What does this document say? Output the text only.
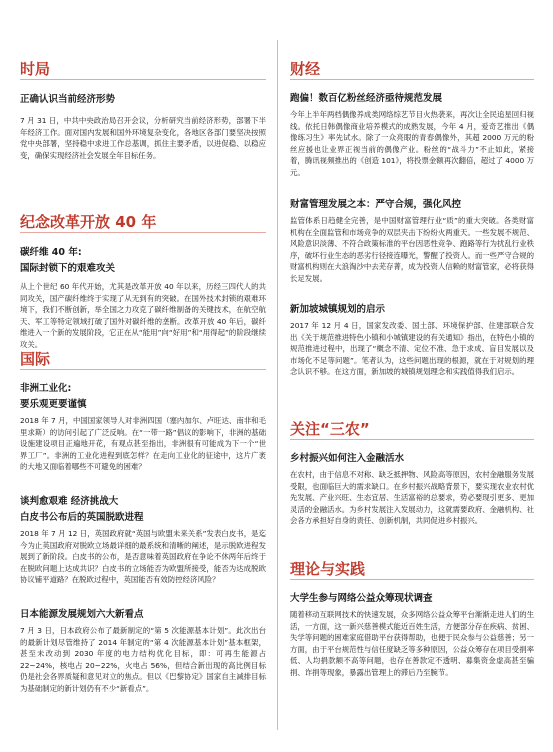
时局

正确认识当前经济形势

7 月 31 日，中共中央政治局召开会议，分析研究当前经济形势，部署下半年经济工作。面对国内发展和国外环境复杂变化，各地区各部门要坚决按照党中央部署，坚持稳中求进工作总基调，抓住主要矛盾，以进促稳、以稳应变，确保实现经济社会发展全年目标任务。

纪念改革开放 40 年

碳纤维 40 年:

国际封锁下的艰难攻关

从上个世纪 60 年代开始，尤其是改革开放 40 年以来，历经三四代人的共同攻关，国产碳纤维终于实现了从无到有的突破。在国外技术封锁的艰难环境下，我们不断创新，举全国之力攻克了碳纤维制备的关键技术，在航空航天、军工等特定领域打破了国外对碳纤维的垄断。改革开放 40 年后，碳纤维进入一个新的发展阶段，它正在从“能用”向“好用”和“用得起”的阶段继续攻关。

国际

非洲工业化:

要乐观更要谨慎

2018 年 7 月，中国国家领导人对非洲四国（塞内加尔、卢旺达、南非和毛里求斯）的访问引起了广泛反响。在“一带一路”倡议的影响下，非洲的基础设施建设项目正遍地开花，有观点甚至指出，非洲很有可能成为下一个“世界工厂”。非洲的工业化进程到底怎样？在走向工业化的征途中，这片广袤的大地又面临着哪些不可避免的困难？

谈判愈艰难 经济挑战大

白皮书公布后的英国脱欧进程

2018 年 7 月 12 日，英国政府就“英国与欧盟未来关系”发表白皮书，是迄今为止英国政府对脱欧立场最详细的最系统和清晰的阐述，是示脱欧进程发展到了新阶段。白皮书的公布，是否意味着英国政府在争论不休两年后终于在脱欧问题上达成共识？白皮书的立场能否为欧盟所接受，能否为达成脱欧协议铺平道路？在脱欧过程中，英国能否有效防控经济风险？

日本能源发展规划六大新看点

7 月 3 日，日本政府公布了最新制定的“第 5 次能源基本计划”。此次出台的最新计划尽管维持了 2014 年制定的“第 4 次能源基本计划”基本框架，甚至未改动到 2030 年度的电力结构优化目标，即：可再生能源占 22~24%，核电占 20~22%，火电占 56%，但结合新出现的高比例目标仍是社会各界质疑和意见对立的焦点。但以《巴黎协定》国家自主减排目标为基础制定的新计划仍有不少“新看点”。

财经

跑偏！数百亿粉丝经济亟待规范发展

今年上半年两档偶像养成类网络综艺节目火热袭来，再次让全民追星回归视线。依托日韩偶像商业培养模式的成熟发展，今年 4 月，爱奇艺推出《偶像练习生》率先试水。除了一众亮眼的青春偶像外，其超 2000 万元的粉丝应援也让业界正视当前的偶像产业。粉丝的“战斗力”不止如此，紧接着，腾讯视频推出的《创造 101》，将投票金额再次翻倍，超过了 4000 万元。

财富管理发展之本：严守合规，强化风控

监管体系日趋健全完善，是中国财富管理行业“质”的重大突破。各类财富机构在全面监管和市场竞争的双层夹击下纷纷火两重天。一些发展不规范、风险意识淡薄、不符合政策标准的平台因恶性竞争、跑路等行为扰乱行业秩序，破坏行业生态的恶劣行径接连曝光，警醒了投资人。而一些严守合规的财富机构则在大浪淘沙中去芜存菁，成为投资人信赖的财富管家，必将获得长足发展。

新加坡城镇规划的启示

2017 年 12 月 4 日，国家发改委、国土部、环境保护部、住建部联合发出《关于规范推进特色小镇和小城镇建设的有关通知》指出，在特色小镇的规范推进过程中，出现了“概念不清、定位不准、急于求成、盲目发展以及市场化不足等问题”。笔者认为，这些问题出现的根源，就在于对规划的理念认识不够。在这方面，新加坡的城镇规划理念和实践值得我们启示。

关注“三农”

乡村振兴如何注入金融活水

在农村，由于信息不对称、缺乏抵押物、风险高等原因，农村金融服务发展受限，也面临巨大的需求缺口。在乡村振兴战略背景下，要实现农业农村优先发展、产业兴旺、生态宜居、生活富裕的总要求，势必要现引更多、更加灵活的金融活水。为乡村发展注入发展动力，这就需要政府、金融机构、社会各方承担好自身的责任、创新机制，共同促进乡村振兴。

理论与实践

大学生参与网络公益众筹现状调查

随着移动互联网技术的快速发展，众多网络公益众筹平台渐渐走进人们的生活，一方面，这一新兴慈善模式能近百姓生活，方便部分存在疾病、贫困、失学等问题的困难家庭借助平台获得帮助，也便于民众参与公益慈善；另一方面，由于平台规范性与信任度缺乏等多种原因，公益众筹存在项目受捐率低、人均捐款额不高等问题，也存在善款定不透明、募集资金虚高甚至骗捐、诈捐等现象，暴露出管理上的滞后乃至腕节。
